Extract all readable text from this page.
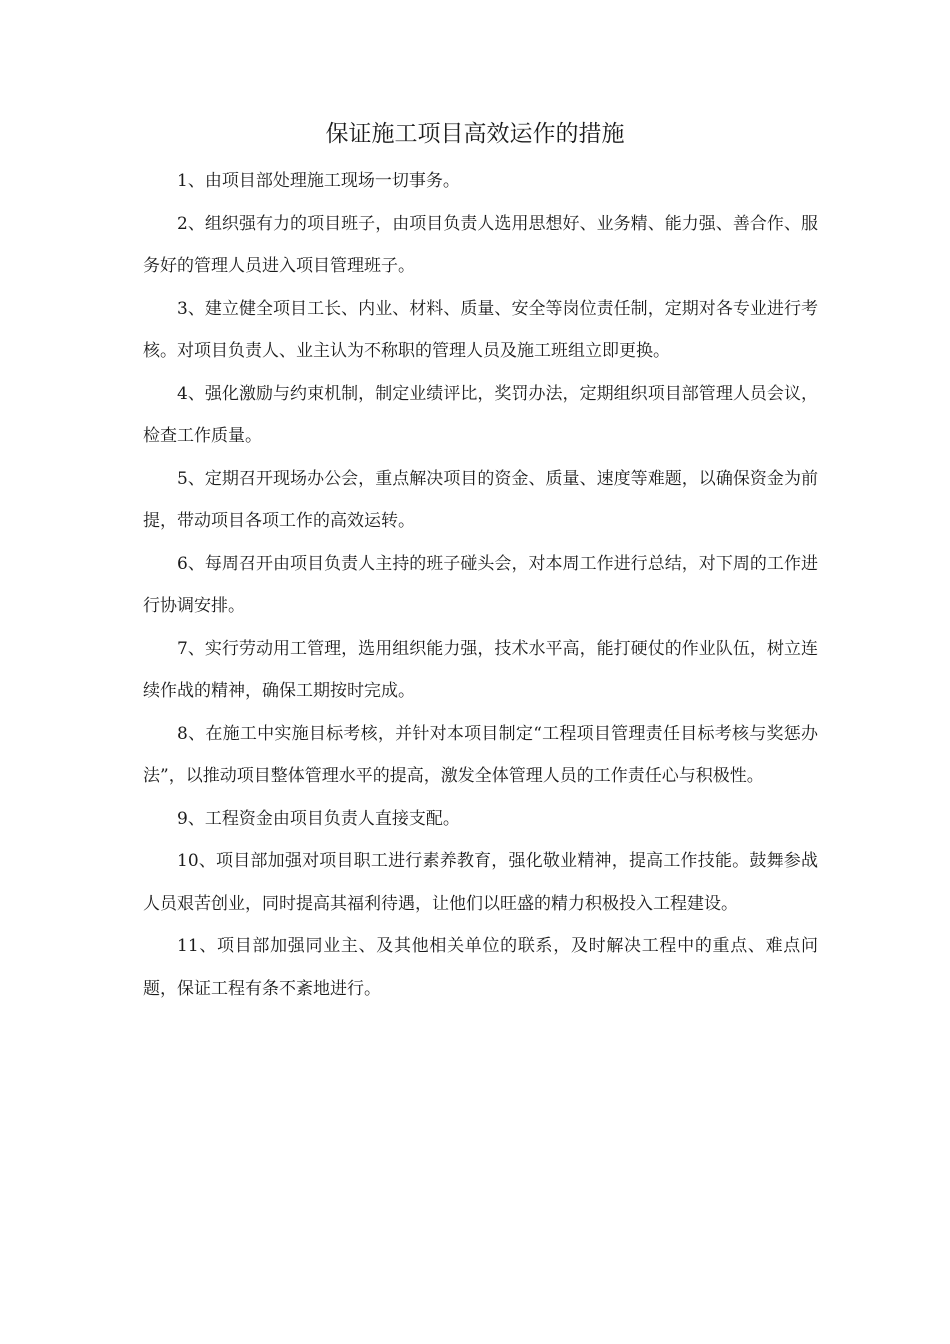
保证施工项目高效运作的措施

1、由项目部处理施工现场一切事务。

2、组织强有力的项目班子，由项目负责人选用思想好、业务精、能力强、善合作、服务好的管理人员进入项目管理班子。

3、建立健全项目工长、内业、材料、质量、安全等岗位责任制，定期对各专业进行考核。对项目负责人、业主认为不称职的管理人员及施工班组立即更换。

4、强化激励与约束机制，制定业绩评比，奖罚办法，定期组织项目部管理人员会议，检查工作质量。

5、定期召开现场办公会，重点解决项目的资金、质量、速度等难题，以确保资金为前提，带动项目各项工作的高效运转。

6、每周召开由项目负责人主持的班子碰头会，对本周工作进行总结，对下周的工作进行协调安排。

7、实行劳动用工管理，选用组织能力强，技术水平高，能打硬仗的作业队伍，树立连续作战的精神，确保工期按时完成。

8、在施工中实施目标考核，并针对本项目制定“工程项目管理责任目标考核与奖惩办法”，以推动项目整体管理水平的提高，激发全体管理人员的工作责任心与积极性。

9、工程资金由项目负责人直接支配。

10、项目部加强对项目职工进行素养教育，强化敬业精神，提高工作技能。鼓舞参战人员艰苦创业，同时提高其福利待遇，让他们以旺盛的精力积极投入工程建设。

11、项目部加强同业主、及其他相关单位的联系，及时解决工程中的重点、难点问题，保证工程有条不紊地进行。
